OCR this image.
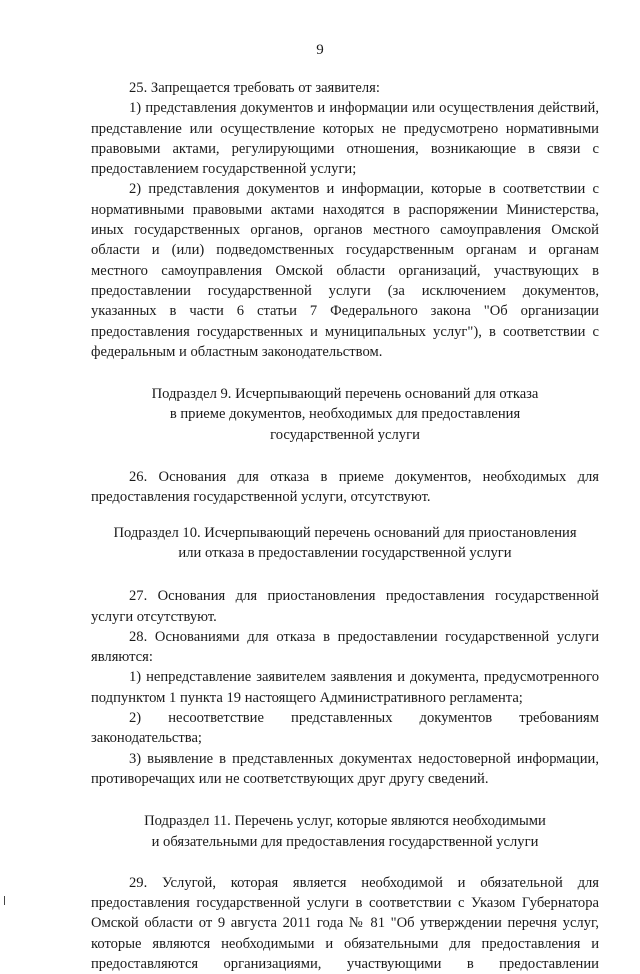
9

25. Запрещается требовать от заявителя:

1) представления документов и информации или осуществления действий, представление или осуществление которых не предусмотрено нормативными правовыми актами, регулирующими отношения, возникающие в связи с предоставлением государственной услуги;

2) представления документов и информации, которые в соответствии с нормативными правовыми актами находятся в распоряжении Министерства, иных государственных органов, органов местного самоуправления Омской области и (или) подведомственных государственным органам и органам местного самоуправления Омской области организаций, участвующих в предоставлении государственной услуги (за исключением документов, указанных в части 6 статьи 7 Федерального закона "Об организации предоставления государственных и муниципальных услуг"), в соответствии с федеральным и областным законодательством.

Подраздел 9. Исчерпывающий перечень оснований для отказа
в приеме документов, необходимых для предоставления
государственной услуги

26. Основания для отказа в приеме документов, необходимых для предоставления государственной услуги, отсутствуют.

Подраздел 10. Исчерпывающий перечень оснований для приостановления
или отказа в предоставлении государственной услуги

27. Основания для приостановления предоставления государственной услуги отсутствуют.

28. Основаниями для отказа в предоставлении государственной услуги являются:

1) непредставление заявителем заявления и документа, предусмотренного подпунктом 1 пункта 19 настоящего Административного регламента;

2) несоответствие представленных документов требованиям законодательства;

3) выявление в представленных документах недостоверной информации, противоречащих или не соответствующих друг другу сведений.

Подраздел 11. Перечень услуг, которые являются необходимыми
и обязательными для предоставления государственной услуги

29. Услугой, которая является необходимой и обязательной для предоставления государственной услуги в соответствии с Указом Губернатора Омской области от 9 августа 2011 года № 81 "Об утверждении перечня услуг, которые являются необходимыми и обязательными для предоставления и предоставляются организациями, участвующими в предоставлении
